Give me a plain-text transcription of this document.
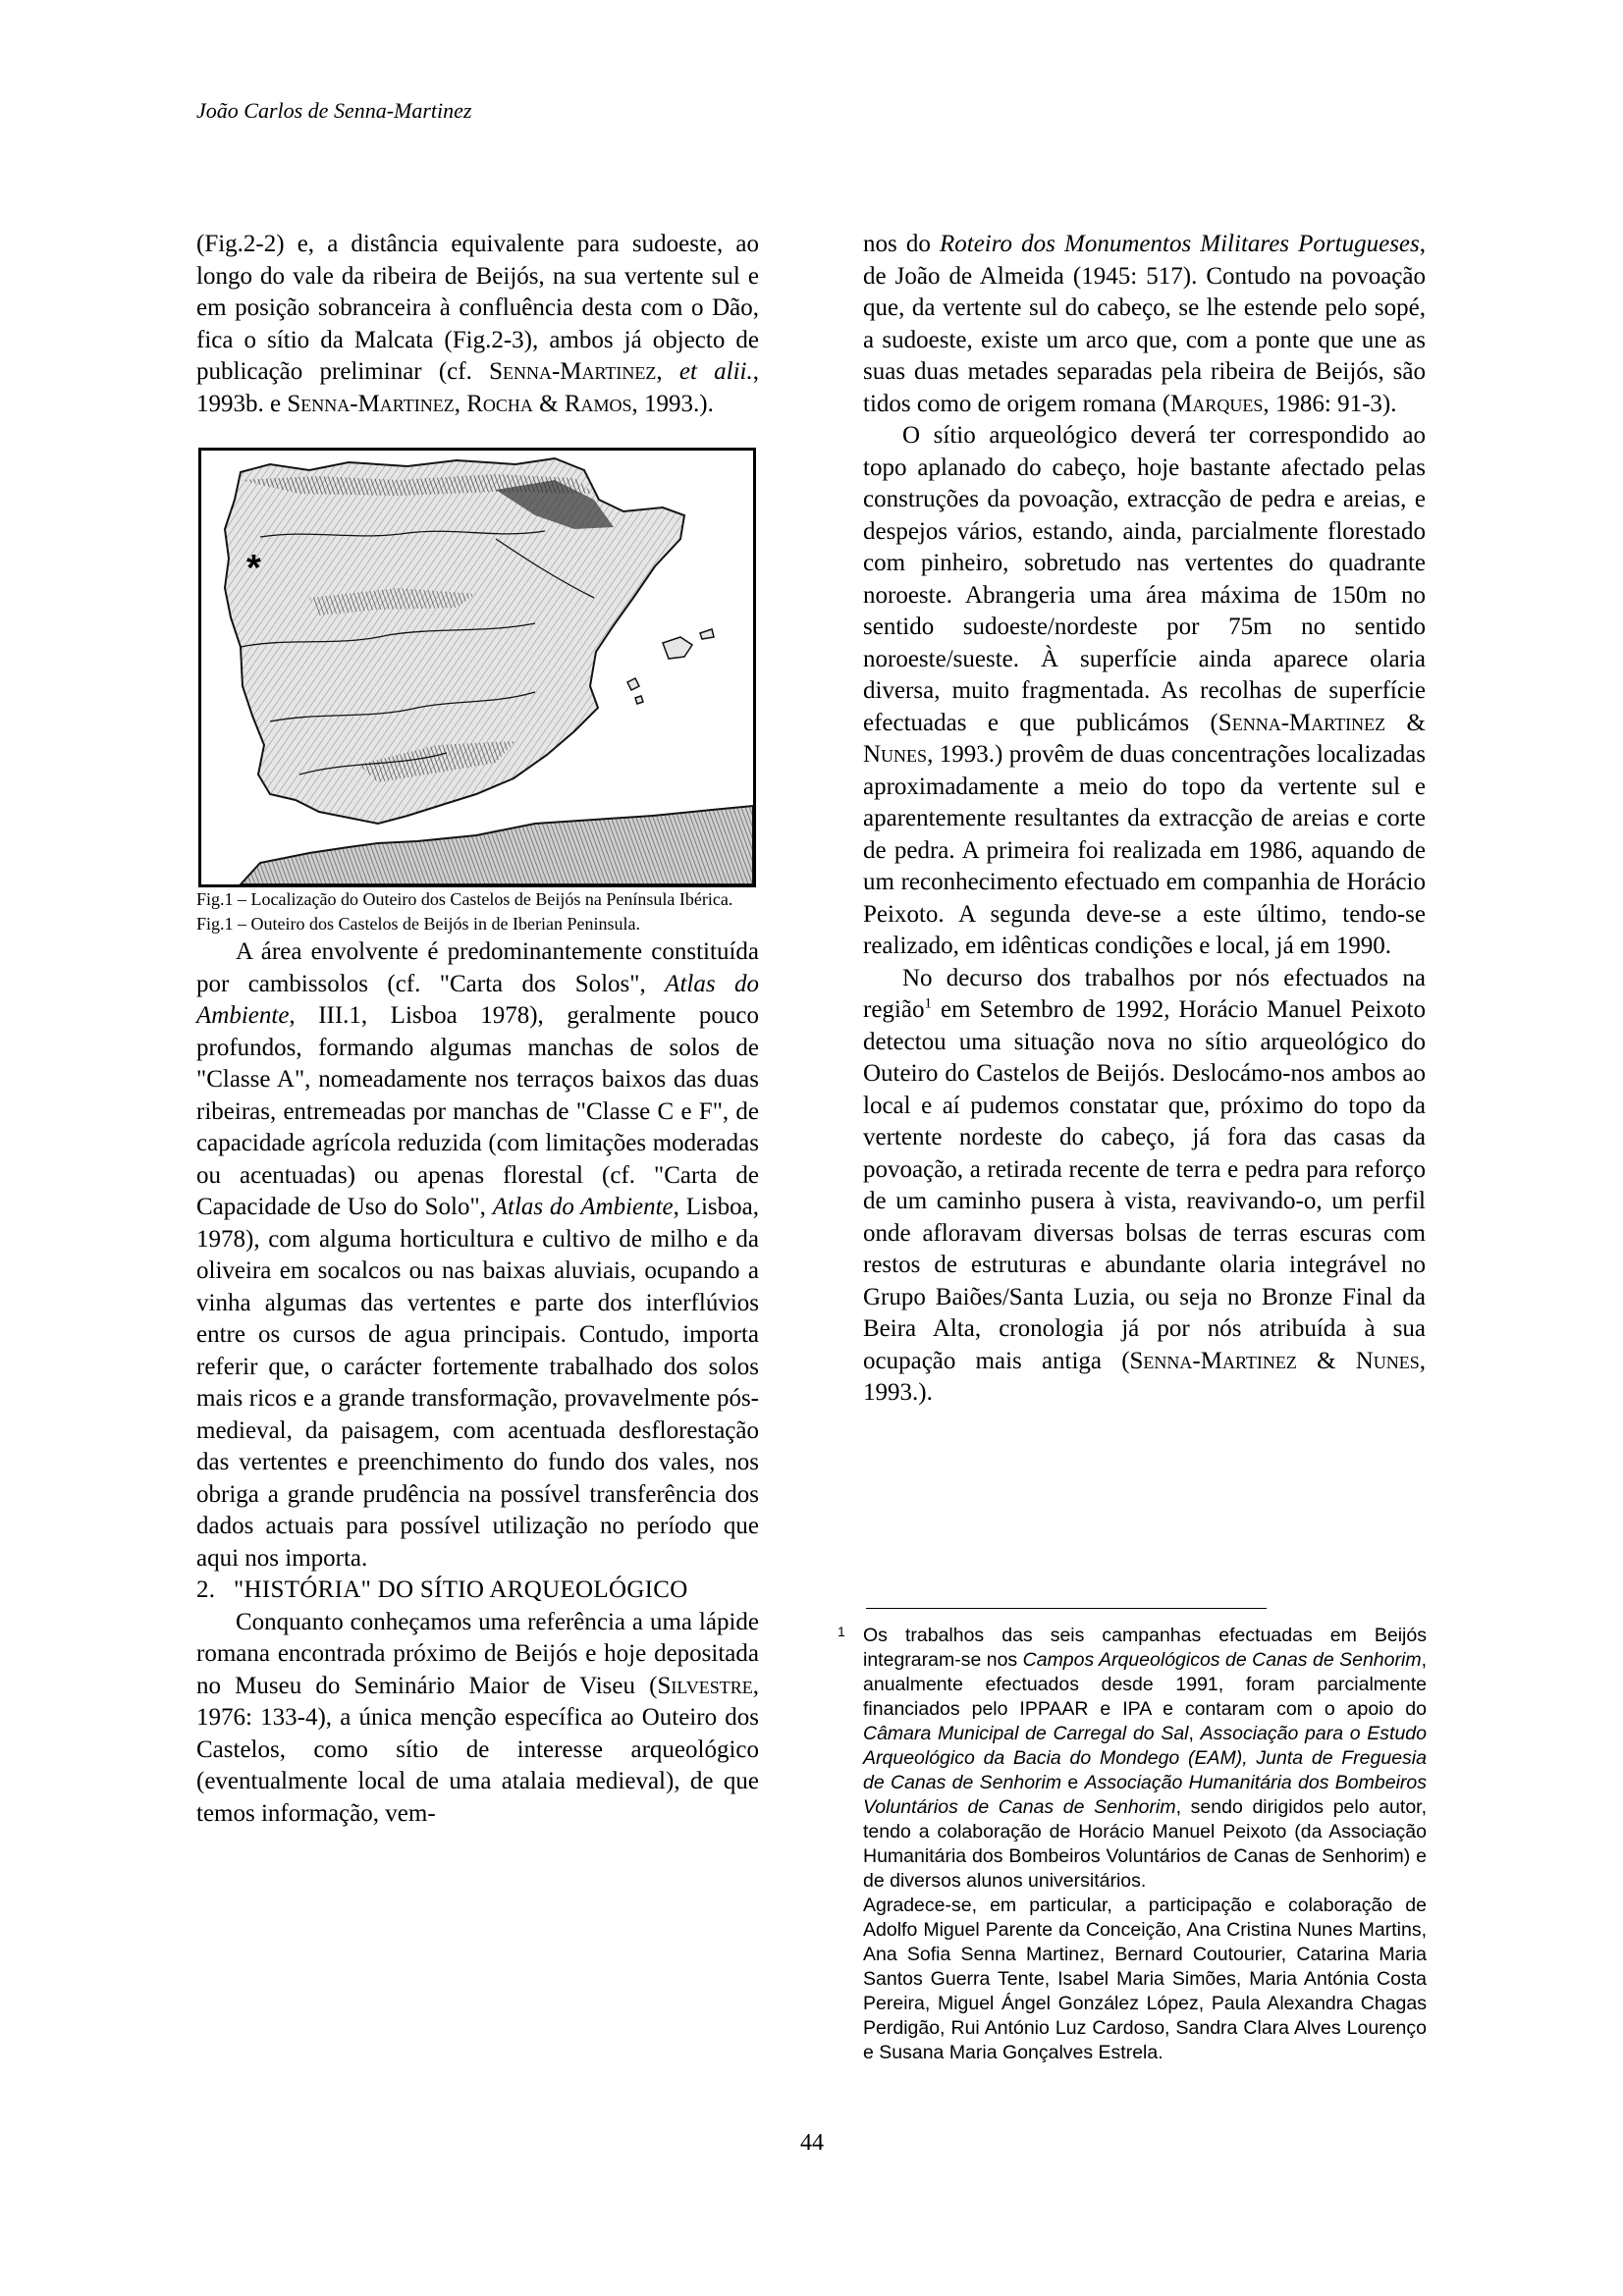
João Carlos de Senna-Martinez

(Fig.2-2) e, a distância equivalente para sudoeste, ao longo do vale da ribeira de Beijós, na sua vertente sul e em posição sobranceira à confluência desta com o Dão, fica o sítio da Malcata (Fig.2-3), ambos já objecto de publicação preliminar (cf. Senna-Martinez, et alii., 1993b. e Senna-Martinez, Rocha & Ramos, 1993.).

*

Fig.1 – Localização do Outeiro dos Castelos de Beijós na Península Ibérica.

Fig.1 – Outeiro dos Castelos de Beijós in de Iberian Peninsula.

A área envolvente é predominantemente constituída por cambissolos (cf. "Carta dos Solos", Atlas do Ambiente, III.1, Lisboa 1978), geralmente pouco profundos, formando algumas manchas de solos de "Classe A", nomeadamente nos terraços baixos das duas ribeiras, entremeadas por manchas de "Classe C e F", de capacidade agrícola reduzida (com limitações moderadas ou acentuadas) ou apenas florestal (cf. "Carta de Capacidade de Uso do Solo", Atlas do Ambiente, Lisboa, 1978), com alguma horticultura e cultivo de milho e da oliveira em socalcos ou nas baixas aluviais, ocupando a vinha algumas das vertentes e parte dos interflúvios entre os cursos de agua principais. Contudo, importa referir que, o carácter fortemente trabalhado dos solos mais ricos e a grande transformação, provavelmente pós-medieval, da paisagem, com acentuada desflorestação das vertentes e preenchimento do fundo dos vales, nos obriga a grande prudência na possível transferência dos dados actuais para possível utilização no período que aqui nos importa.

2. "HISTÓRIA" DO SÍTIO ARQUEOLÓGICO

Conquanto conheçamos uma referência a uma lápide romana encontrada próximo de Beijós e hoje depositada no Museu do Seminário Maior de Viseu (Silvestre, 1976: 133-4), a única menção específica ao Outeiro dos Castelos, como sítio de interesse arqueológico (eventualmente local de uma atalaia medieval), de que temos informação, vem-

nos do Roteiro dos Monumentos Militares Portugueses, de João de Almeida (1945: 517). Contudo na povoação que, da vertente sul do cabeço, se lhe estende pelo sopé, a sudoeste, existe um arco que, com a ponte que une as suas duas metades separadas pela ribeira de Beijós, são tidos como de origem romana (Marques, 1986: 91-3).

O sítio arqueológico deverá ter correspondido ao topo aplanado do cabeço, hoje bastante afectado pelas construções da povoação, extracção de pedra e areias, e despejos vários, estando, ainda, parcialmente florestado com pinheiro, sobretudo nas vertentes do quadrante noroeste. Abrangeria uma área máxima de 150m no sentido sudoeste/nordeste por 75m no sentido noroeste/sueste. À superfície ainda aparece olaria diversa, muito fragmentada. As recolhas de superfície efectuadas e que publicámos (Senna-Martinez & Nunes, 1993.) provêm de duas concentrações localizadas aproximadamente a meio do topo da vertente sul e aparentemente resultantes da extracção de areias e corte de pedra. A primeira foi realizada em 1986, aquando de um reconhecimento efectuado em companhia de Horácio Peixoto. A segunda deve-se a este último, tendo-se realizado, em idênticas condições e local, já em 1990.

No decurso dos trabalhos por nós efectuados na região$^1$ em Setembro de 1992, Horácio Manuel Peixoto detectou uma situação nova no sítio arqueológico do Outeiro do Castelos de Beijós. Deslocámo-nos ambos ao local e aí pudemos constatar que, próximo do topo da vertente nordeste do cabeço, já fora das casas da povoação, a retirada recente de terra e pedra para reforço de um caminho pusera à vista, reavivando-o, um perfil onde afloravam diversas bolsas de terras escuras com restos de estruturas e abundante olaria integrável no Grupo Baiões/Santa Luzia, ou seja no Bronze Final da Beira Alta, cronologia já por nós atribuída à sua ocupação mais antiga (Senna-Martinez & Nunes, 1993.).

1 Os trabalhos das seis campanhas efectuadas em Beijós integraram-se nos Campos Arqueológicos de Canas de Senhorim, anualmente efectuados desde 1991, foram parcialmente financiados pelo IPPAAR e IPA e contaram com o apoio do Câmara Municipal de Carregal do Sal, Associação para o Estudo Arqueológico da Bacia do Mondego (EAM), Junta de Freguesia de Canas de Senhorim e Associação Humanitária dos Bombeiros Voluntários de Canas de Senhorim, sendo dirigidos pelo autor, tendo a colaboração de Horácio Manuel Peixoto (da Associação Humanitária dos Bombeiros Voluntários de Canas de Senhorim) e de diversos alunos universitários.

Agradece-se, em particular, a participação e colaboração de Adolfo Miguel Parente da Conceição, Ana Cristina Nunes Martins, Ana Sofia Senna Martinez, Bernard Coutourier, Catarina Maria Santos Guerra Tente, Isabel Maria Simões, Maria Antónia Costa Pereira, Miguel Ángel González López, Paula Alexandra Chagas Perdigão, Rui António Luz Cardoso, Sandra Clara Alves Lourenço e Susana Maria Gonçalves Estrela.

44
